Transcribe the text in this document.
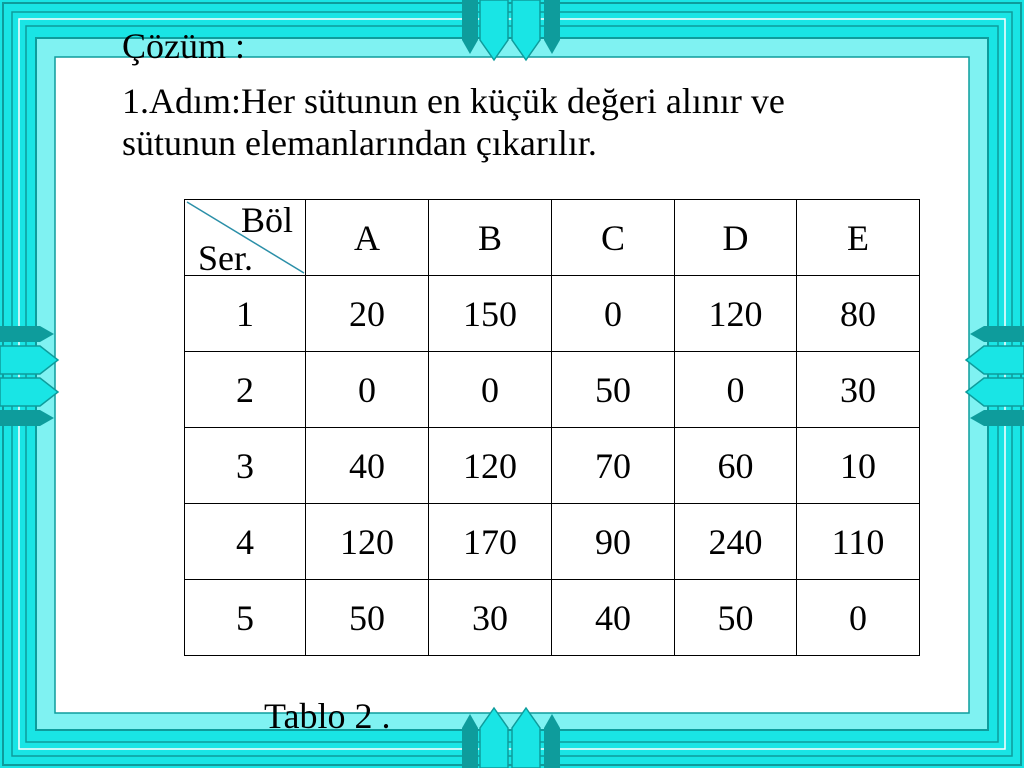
Çözüm :
1.Adım:Her sütunun en küçük değeri alınır ve
sütunun elemanlarından çıkarılır.
Böl
Ser.	A	B	C	D	E
1	20	150	0	120	80
2	0	0	50	0	30
3	40	120	70	60	10
4	120	170	90	240	110
5	50	30	40	50	0
Tablo 2 .
